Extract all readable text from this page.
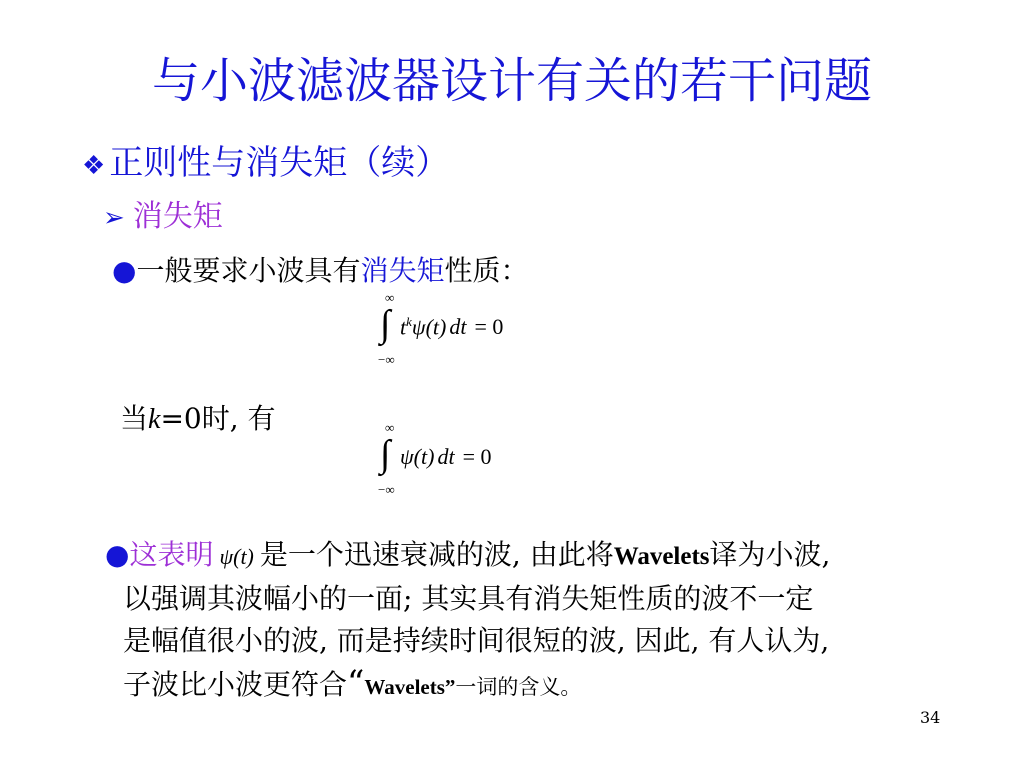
与小波滤波器设计有关的若干问题
❖ 正则性与消失矩（续）
➢ 消失矩
●一般要求小波具有消失矩性质：
∞
∫
−∞
$t^k\psi(t)$ dt = 0
当k=0时, 有	∞
∫
−∞
ψ(t) dt = 0
●这表明 ψ(t) 是一个迅速衰减的波, 由此将Wavelets译为小波,
以强调其波幅小的一面; 其实具有消失矩性质的波不一定
是幅值很小的波, 而是持续时间很短的波, 因此, 有人认为,
子波比小波更符合“Wavelets”一词的含义。
34
